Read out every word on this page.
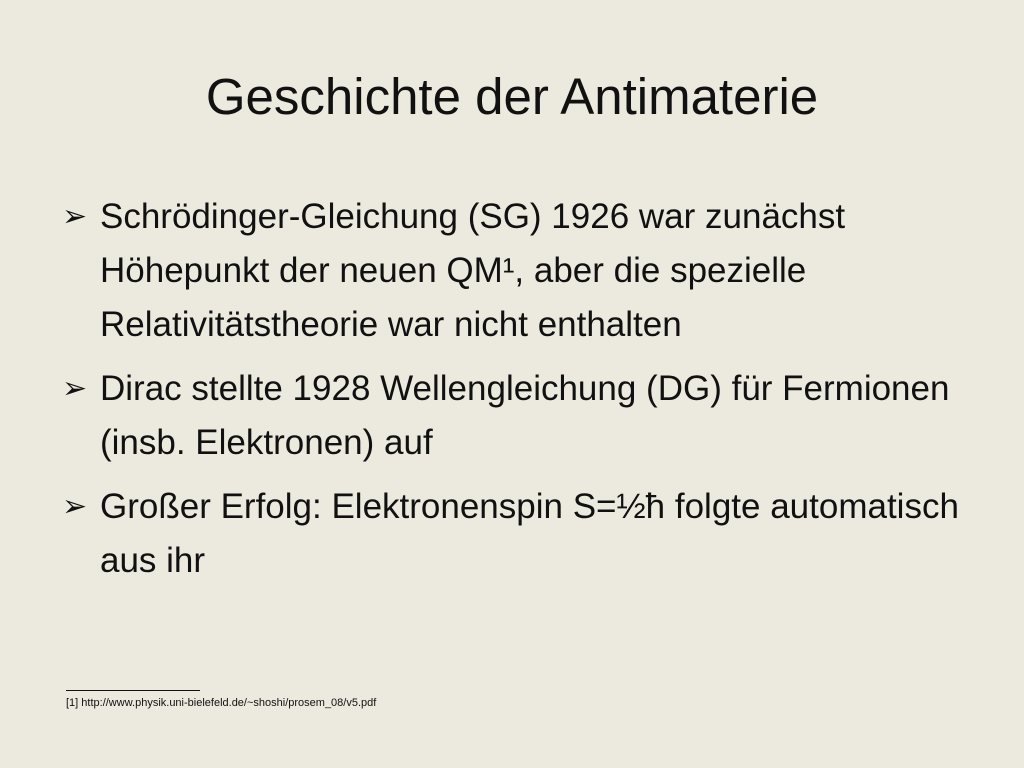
Geschichte der Antimaterie
➢ Schrödinger-Gleichung (SG) 1926 war zunächst Höhepunkt der neuen QM¹, aber die spezielle Relativitätstheorie war nicht enthalten
➢ Dirac stellte 1928 Wellengleichung (DG) für Fermionen (insb. Elektronen) auf
➢ Großer Erfolg: Elektronenspin S=½ħ folgte automatisch aus ihr
[1] http://www.physik.uni-bielefeld.de/~shoshi/prosem_08/v5.pdf
